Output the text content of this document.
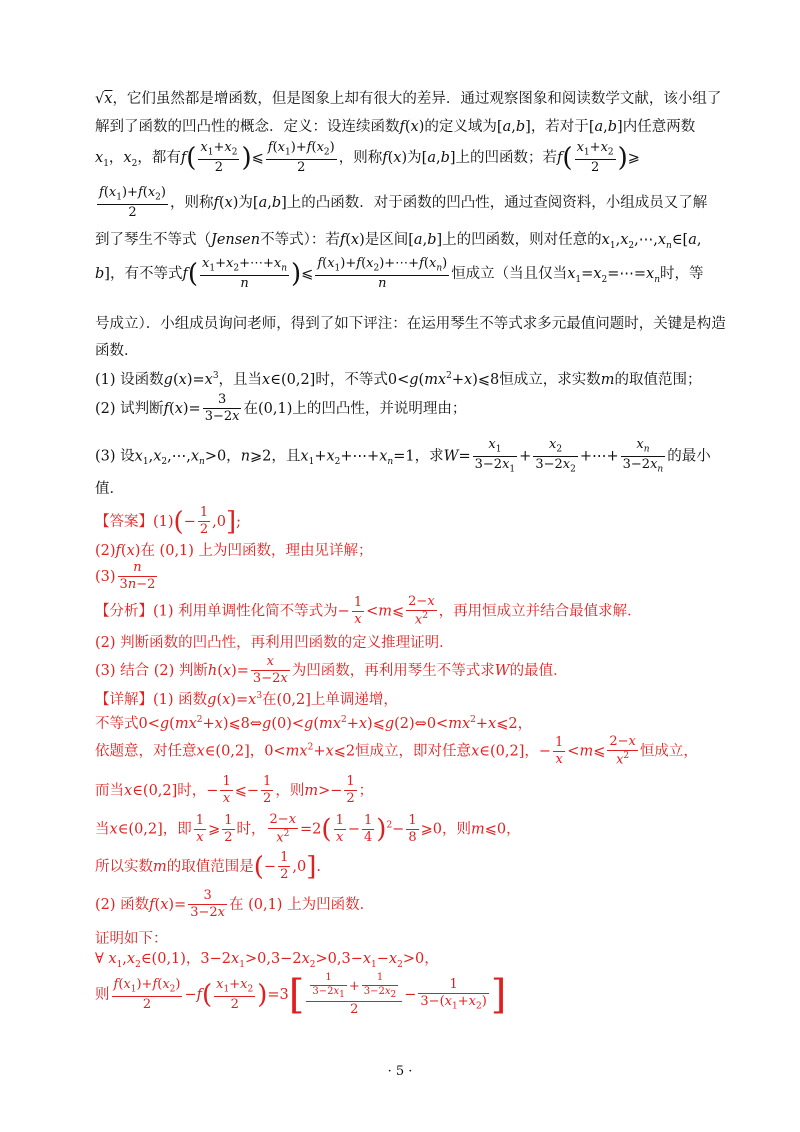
√x，它们虽然都是增函数，但是图象上却有很大的差异．通过观察图象和阅读数学文献，该小组了
解到了函数的凹凸性的概念．定义：设连续函数f(x)的定义域为[a,b]，若对于[a,b]内任意两数
$x_1$，$x_2$，都有$f( \frac{x_1+x_2}{2}$ )⩽ $\frac{f(x_1)+f(x_2)}{2}$ ，则称f(x)为[a,b]上的凹函数；若$f( \frac{x_1+x_2}{2}$ )⩾
$\frac{f(x_1)+f(x_2)}{2}$ ，则称f(x)为[a,b]上的凸函数．对于函数的凹凸性，通过查阅资料，小组成员又了解
到了琴生不等式（Jensen不等式）：若f(x)是区间[a,b]上的凹函数，则对任意的$x_1,x_2,\cdots,x_n\in[a$,
b]，有不等式$f( \frac{x_1+x_2+\cdots+x_n}{n}$ )⩽ $\frac{f(x_1)+f(x_2)+\cdots+f(x_n)}{n}$ 恒成立（当且仅当$x_1=x_2=\cdots=x_n$时，等
号成立）．小组成员询问老师，得到了如下评注：在运用琴生不等式求多元最值问题时，关键是构造
函数．
(1) 设函数$g(x)=x^3$，且当x∈(0,2]时，不等式$0<g(mx^2+x)⩽8$恒成立，求实数m的取值范围；
(2) 试判断$f(x)= \frac{3}{3-2x}$ 在(0,1)上的凹凸性，并说明理由；
(3) 设$x_1,x_2,\cdots,x_n>0$，n⩾2，且$x_1+x_2+\cdots+x_n=1$，求$W= \frac{x_1}{3-2x_1} + \frac{x_2}{3-2x_2}$ +⋯+ $\frac{x_n}{3-2x_n}$ 的最小
值．
【答案】$(1)(- \frac{1}{2} ,0]$;
(2)f(x)在 (0,1) 上为凹函数，理由见详解；
$(3) \frac{n}{3n-2}$
【分析】(1) 利用单调性化简不等式为− $\frac{1}{x}$ <m⩽ $\frac{2-x}{x^2}$ ，再用恒成立并结合最值求解．
(2) 判断函数的凹凸性，再利用凹函数的定义推理证明．
(3) 结合 (2) 判断$h(x)= \frac{x}{3-2x}$ 为凹函数，再利用琴生不等式求W的最值．
【详解】(1) 函数$g(x)=x^3$在(0,2]上单调递增，
不等式$0<g(mx^2+x)⩽8\Leftrightarrow g(0)<g(mx^2+x)⩽g(2)\Leftrightarrow 0<mx^2+x⩽2$，
依题意，对任意x∈(0,2]，$0<mx^2+x⩽2$恒成立，即对任意x∈(0,2]，− $\frac{1}{x}$ <m⩽ $\frac{2-x}{x^2}$ 恒成立，
而当x∈(0,2]时，− $\frac{1}{x}$ ⩽− $\frac{1}{2}$ ，则$m>- \frac{1}{2}$ ；
当x∈(0,2]，即 $\frac{1}{x}$ ⩾ $\frac{1}{2}$ 时， $\frac{2-x}{x^2} =2( \frac{1}{x} - \frac{1}{4} )^2- \frac{1}{8}$ ⩾0，则m⩽0，
所以实数m的取值范围是(− $\frac{1}{2} ,0$].
(2) 函数$f(x)= \frac{3}{3-2x}$ 在 (0,1) 上为凹函数．
证明如下：
∀ $x_1,x_2\in(0,1)$，$3-2x_1>0,3-2x_2>0,3-x_1-x_2>0$，
则 $\frac{f(x_1)+f(x_2)}{2} -f( \frac{x_1+x_2}{2} )=3[ \frac{\frac{1}{3-2x_1} + \frac{1}{3-2x_2}}{2} - \frac{1}{3-(x_1+x_2)}$ ]
· 5 ·
